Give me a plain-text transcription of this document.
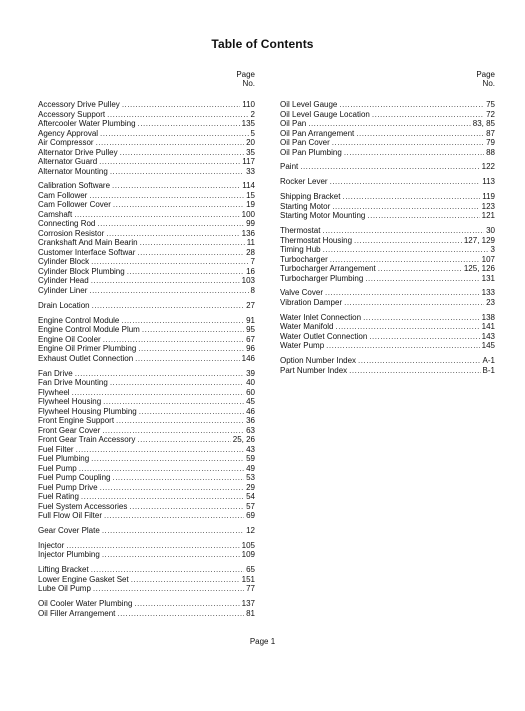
Table of Contents
Page
No.
Accessory Drive Pulley .....	110
Accessory Support .....	2
Aftercooler Water Plumbing .....	135
Agency Approval .....	5
Air Compressor .....	20
Alternator Drive Pulley .....	35
Alternator Guard .....	117
Alternator Mounting .....	33
Calibration Software .....	114
Cam Follower .....	15
Cam Follower Cover .....	19
Camshaft .....	100
Connecting Rod .....	99
Corrosion Resistor .....	136
Crankshaft And Main Bearin .....	11
Customer Interface Softwar .....	28
Cylinder Block .....	7
Cylinder Block Plumbing .....	16
Cylinder Head .....	103
Cylinder Liner .....	8
Drain Location .....	27
Engine Control Module .....	91
Engine Control Module Plum .....	95
Engine Oil Cooler .....	67
Engine Oil Primer Plumbing .....	96
Exhaust Outlet Connection .....	146
Fan Drive .....	39
Fan Drive Mounting .....	40
Flywheel .....	60
Flywheel Housing .....	45
Flywheel Housing Plumbing .....	46
Front Engine Support .....	36
Front Gear Cover .....	63
Front Gear Train Accessory .....	25, 26
Fuel Filter .....	43
Fuel Plumbing .....	59
Fuel Pump .....	49
Fuel Pump Coupling .....	53
Fuel Pump Drive .....	29
Fuel Rating .....	54
Fuel System Accessories .....	57
Full Flow Oil Filter .....	69
Gear Cover Plate .....	12
Injector .....	105
Injector Plumbing .....	109
Lifting Bracket .....	65
Lower Engine Gasket Set .....	151
Lube Oil Pump .....	77
Oil Cooler Water Plumbing .....	137
Oil Filler Arrangement .....	81
Page
No.
Oil Level Gauge .....	75
Oil Level Gauge Location .....	72
Oil Pan .....	83, 85
Oil Pan Arrangement .....	87
Oil Pan Cover .....	79
Oil Pan Plumbing .....	88
Paint .....	122
Rocker Lever .....	113
Shipping Bracket .....	119
Starting Motor .....	123
Starting Motor Mounting .....	121
Thermostat .....	30
Thermostat Housing .....	127, 129
Timing Hub .....	3
Turbocharger .....	107
Turbocharger Arrangement .....	125, 126
Turbocharger Plumbing .....	131
Valve Cover .....	133
Vibration Damper .....	23
Water Inlet Connection .....	138
Water Manifold .....	141
Water Outlet Connection .....	143
Water Pump .....	145
Option Number Index .....	A-1
Part Number Index .....	B-1
Page 1
